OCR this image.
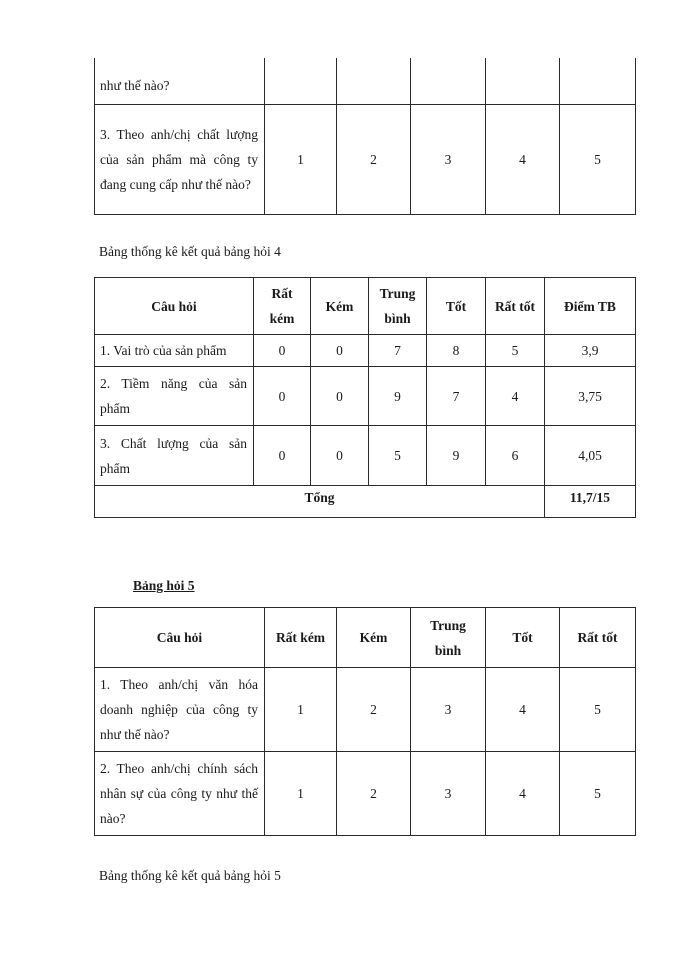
như thế nào?					
3. Theo anh/chị chất lượng của sản phẩm mà công ty đang cung cấp như thế nào?	1	2	3	4	5
Bảng thống kê kết quả bảng hỏi 4
Câu hỏi	Rất kém	Kém	Trung bình	Tốt	Rất tốt	Điểm TB
1. Vai trò của sản phẩm	0	0	7	8	5	3,9
2. Tiềm năng của sản phẩm	0	0	9	7	4	3,75
3. Chất lượng của sản phẩm	0	0	5	9	6	4,05
Tổng						11,7/15
Bảng hỏi 5
Câu hỏi	Rất kém	Kém	Trung bình	Tốt	Rất tốt
1. Theo anh/chị văn hóa doanh nghiệp của công ty như thế nào?	1	2	3	4	5
2. Theo anh/chị chính sách nhân sự của công ty như thế nào?	1	2	3	4	5
Bảng thống kê kết quả bảng hỏi 5
